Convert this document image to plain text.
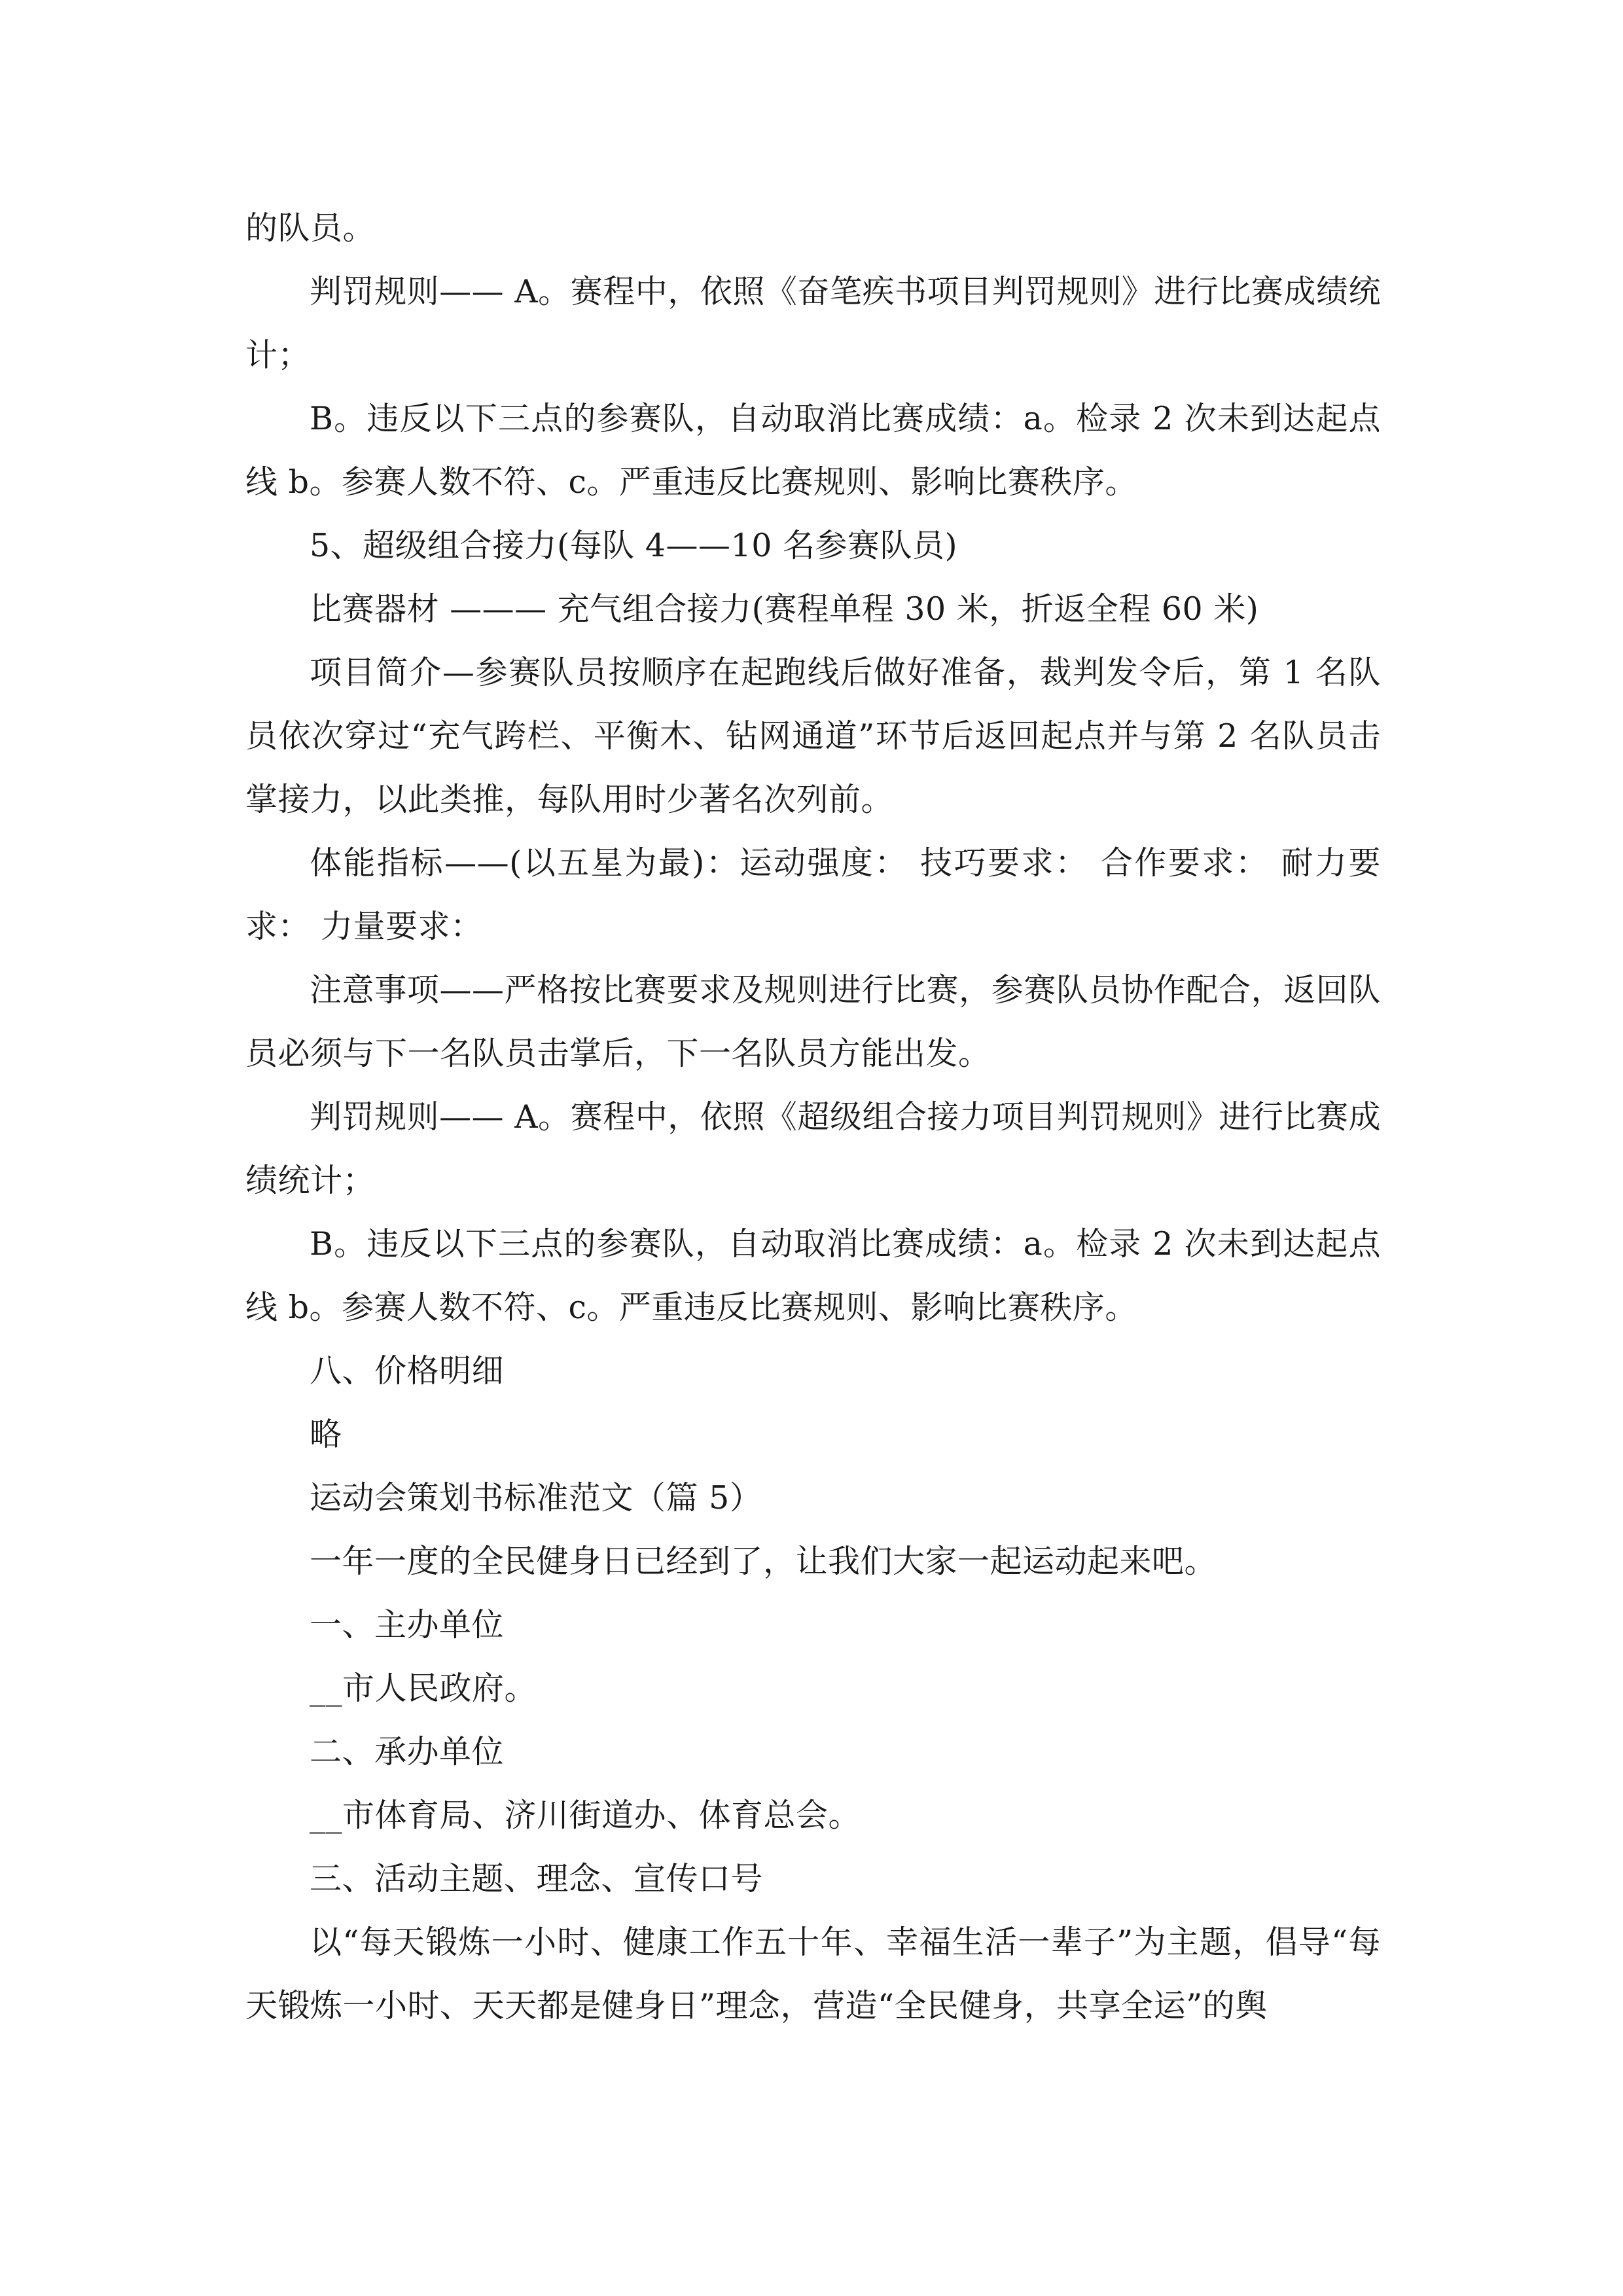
的队员。

判罚规则—— A。赛程中，依照《奋笔疾书项目判罚规则》进行比赛成绩统计；

B。违反以下三点的参赛队，自动取消比赛成绩：a。检录 2 次未到达起点线 b。参赛人数不符、c。严重违反比赛规则、影响比赛秩序。

5、超级组合接力(每队 4——10 名参赛队员)

比赛器材 ——— 充气组合接力(赛程单程 30 米，折返全程 60 米)

项目简介—参赛队员按顺序在起跑线后做好准备，裁判发令后，第 1 名队员依次穿过“充气跨栏、平衡木、钻网通道”环节后返回起点并与第 2 名队员击掌接力，以此类推，每队用时少著名次列前。

体能指标——(以五星为最)：运动强度： 技巧要求： 合作要求： 耐力要求： 力量要求：

注意事项——严格按比赛要求及规则进行比赛，参赛队员协作配合，返回队员必须与下一名队员击掌后，下一名队员方能出发。

判罚规则—— A。赛程中，依照《超级组合接力项目判罚规则》进行比赛成绩统计；

B。违反以下三点的参赛队，自动取消比赛成绩：a。检录 2 次未到达起点线 b。参赛人数不符、c。严重违反比赛规则、影响比赛秩序。

八、价格明细

略

运动会策划书标准范文（篇 5）

一年一度的全民健身日已经到了，让我们大家一起运动起来吧。

一、主办单位

__市人民政府。

二、承办单位

__市体育局、济川街道办、体育总会。

三、活动主题、理念、宣传口号

以“每天锻炼一小时、健康工作五十年、幸福生活一辈子”为主题，倡导“每天锻炼一小时、天天都是健身日”理念，营造“全民健身，共享全运”的舆
